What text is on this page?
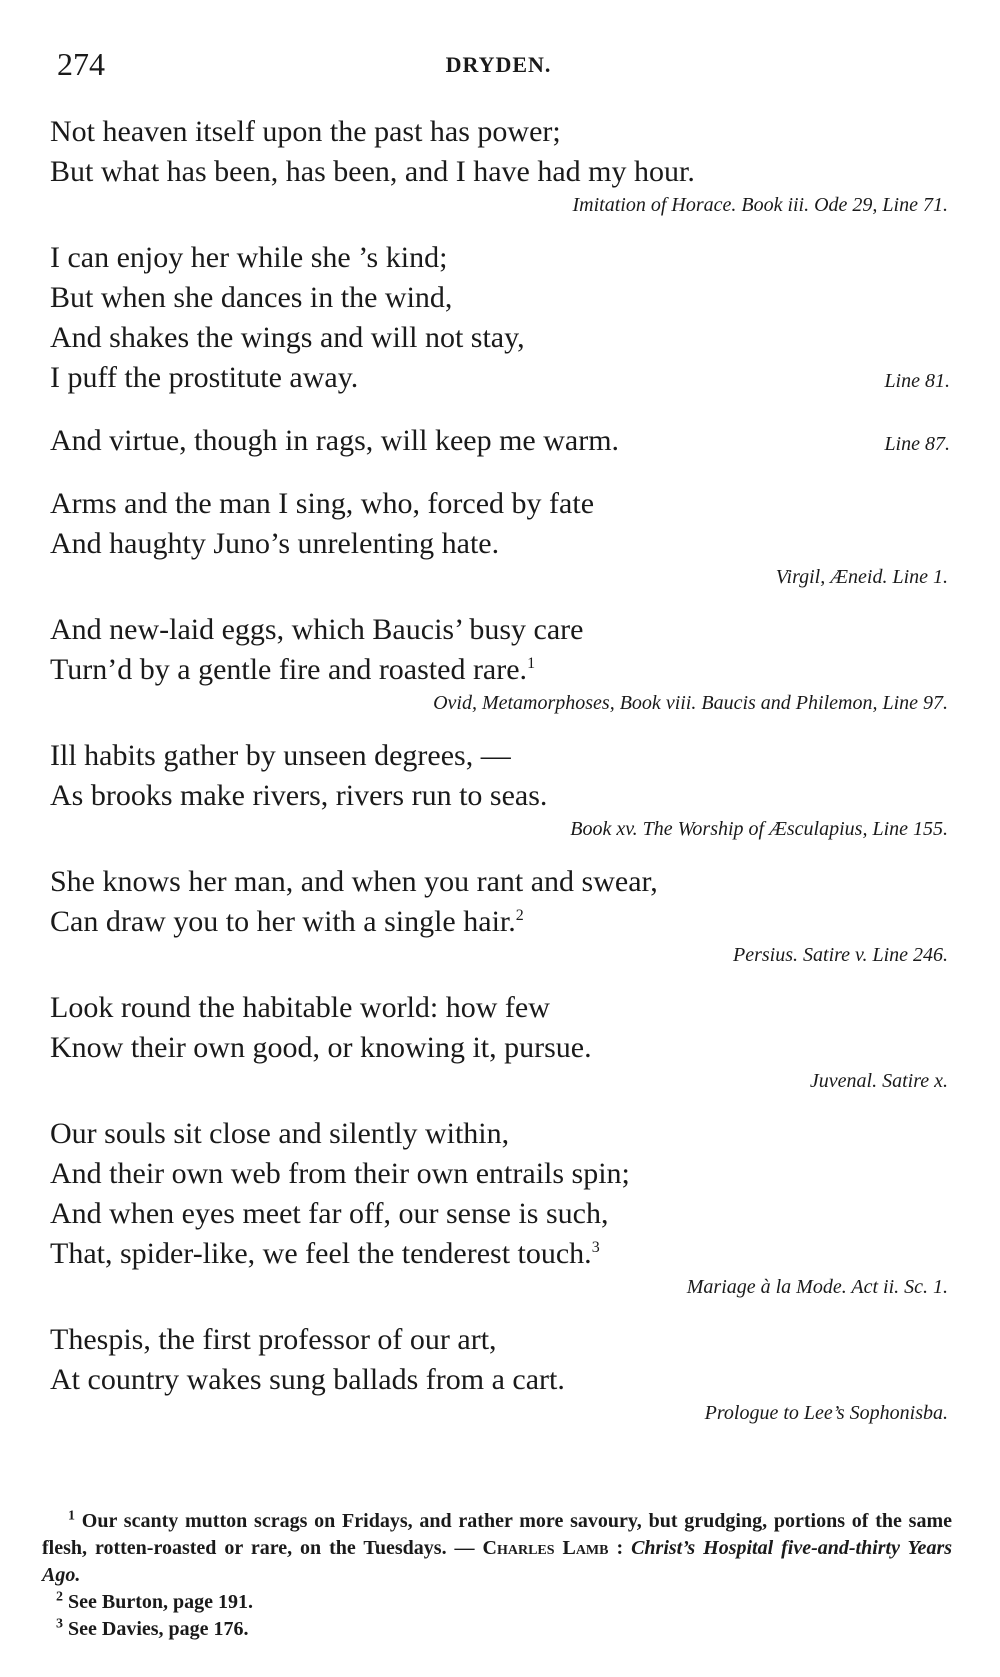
274	DRYDEN.
Not heaven itself upon the past has power;
But what has been, has been, and I have had my hour.
Imitation of Horace. Book iii. Ode 29, Line 71.
I can enjoy her while she ’s kind;
But when she dances in the wind,
And shakes the wings and will not stay,
I puff the prostitute away.	Line 81.
And virtue, though in rags, will keep me warm.	Line 87.
Arms and the man I sing, who, forced by fate
And haughty Juno’s unrelenting hate.
Virgil, Æneid. Line 1.
And new-laid eggs, which Baucis’ busy care
Turn’d by a gentle fire and roasted rare.$^1$
Ovid, Metamorphoses, Book viii. Baucis and Philemon, Line 97.
Ill habits gather by unseen degrees, —
As brooks make rivers, rivers run to seas.
Book xv. The Worship of Æsculapius, Line 155.
She knows her man, and when you rant and swear,
Can draw you to her with a single hair.$^2$
Persius. Satire v. Line 246.
Look round the habitable world: how few
Know their own good, or knowing it, pursue.
Juvenal. Satire x.
Our souls sit close and silently within,
And their own web from their own entrails spin;
And when eyes meet far off, our sense is such,
That, spider-like, we feel the tenderest touch.$^3$
Mariage à la Mode. Act ii. Sc. 1.
Thespis, the first professor of our art,
At country wakes sung ballads from a cart.
Prologue to Lee’s Sophonisba.

$^1$ Our scanty mutton scrags on Fridays, and rather more savoury, but grudging, portions of the same flesh, rotten-roasted or rare, on the Tuesdays. — Charles Lamb : Christ’s Hospital five-and-thirty Years Ago.

$^2$ See Burton, page 191.

$^3$ See Davies, page 176.
